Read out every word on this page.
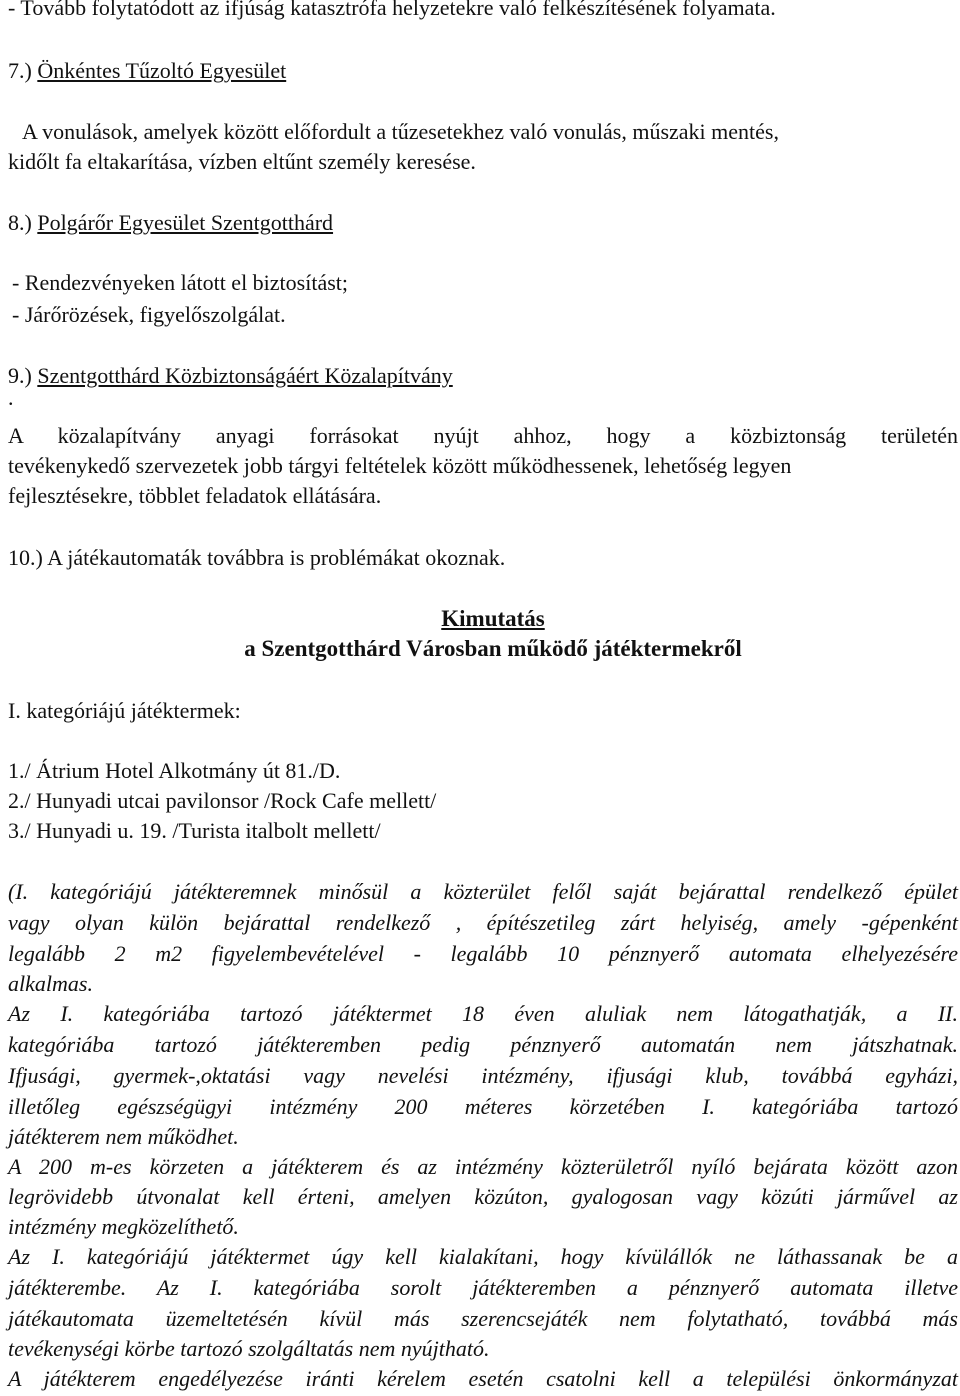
- Tovább folytatódott az ifjúság katasztrófa helyzetekre való felkészítésének folyamata.
7.) Önkéntes Tűzoltó Egyesület
A vonulások, amelyek között előfordult a tűzesetekhez való vonulás, műszaki mentés,
kidőlt fa eltakarítása, vízben eltűnt személy keresése.
8.) Polgárőr Egyesület Szentgotthárd
- Rendezvényeken látott el biztosítást;
- Járőrözések, figyelőszolgálat.
9.) Szentgotthárd Közbiztonságáért Közalapítvány
.
A közalapítvány anyagi forrásokat nyújt ahhoz, hogy a közbiztonság területén
tevékenykedő szervezetek jobb tárgyi feltételek között működhessenek, lehetőség legyen
fejlesztésekre, többlet feladatok ellátására.
10.) A játékautomaták továbbra is problémákat okoznak.
Kimutatás
a Szentgotthárd Városban működő játéktermekről
I. kategóriájú játéktermek:
1./ Átrium Hotel Alkotmány út 81./D.
2./ Hunyadi utcai pavilonsor /Rock Cafe mellett/
3./ Hunyadi u. 19. /Turista italbolt mellett/
(I. kategóriájú játékteremnek minősül a közterület felől saját bejárattal rendelkező épület
vagy olyan külön bejárattal rendelkező , építészetileg zárt helyiség, amely -gépenként
legalább 2 m2 figyelembevételével - legalább 10 pénznyerő automata elhelyezésére
alkalmas.
Az I. kategóriába tartozó játéktermet 18 éven aluliak nem látogathatják, a II.
kategóriába tartozó játékteremben pedig pénznyerő automatán nem játszhatnak.
Ifjusági, gyermek-,oktatási vagy nevelési intézmény, ifjusági klub, továbbá egyházi,
illetőleg egészségügyi intézmény 200 méteres körzetében I. kategóriába tartozó
játékterem nem működhet.
A 200 m-es körzeten a játékterem és az intézmény közterületről nyíló bejárata között azon
legrövidebb útvonalat kell érteni, amelyen közúton, gyalogosan vagy közúti járművel az
intézmény megközelíthető.
Az I. kategóriájú játéktermet úgy kell kialakítani, hogy kívülállók ne láthassanak be a
játékterembe. Az I. kategóriába sorolt játékteremben a pénznyerő automata illetve
játékautomata üzemeltetésén kívül más szerencsejáték nem folytatható, továbbá más
tevékenységi körbe tartozó szolgáltatás nem nyújtható.
A játékterem engedélyezése iránti kérelem esetén csatolni kell a települési önkormányzat
